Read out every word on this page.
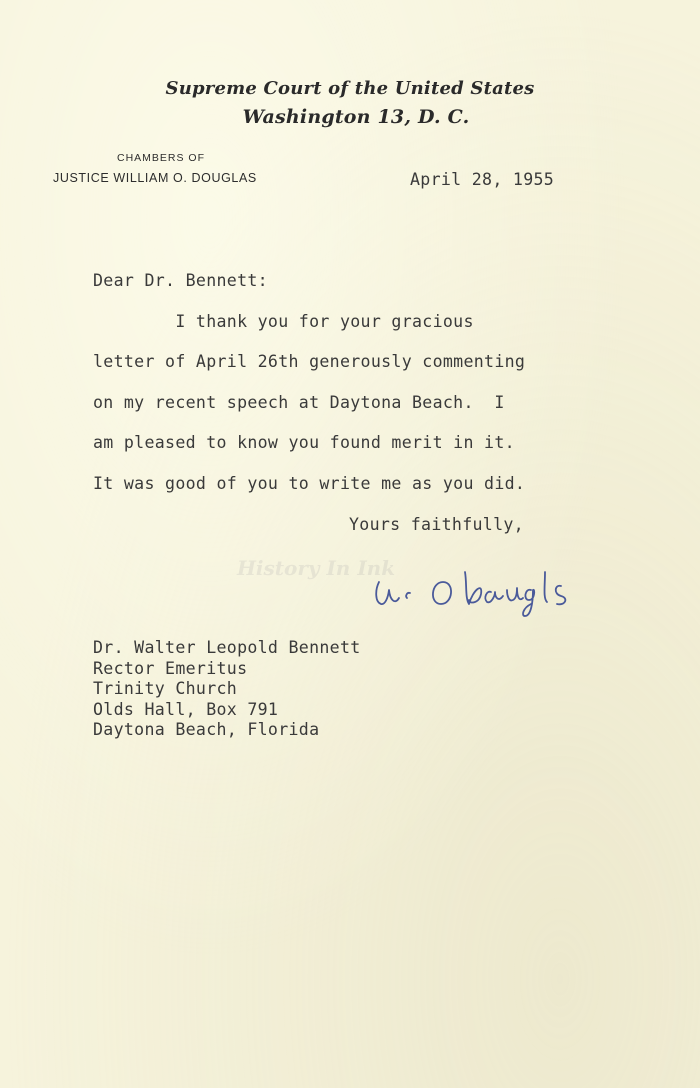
Supreme Court of the United States
Washington 13, D. C.
CHAMBERS OF
JUSTICE WILLIAM O. DOUGLAS	April 28, 1955
Dear Dr. Bennett:
I thank you for your gracious
letter of April 26th generously commenting
on my recent speech at Daytona Beach.  I
am pleased to know you found merit in it.
It was good of you to write me as you did.
Yours faithfully,
History In Ink
Dr. Walter Leopold Bennett
Rector Emeritus
Trinity Church
Olds Hall, Box 791
Daytona Beach, Florida
